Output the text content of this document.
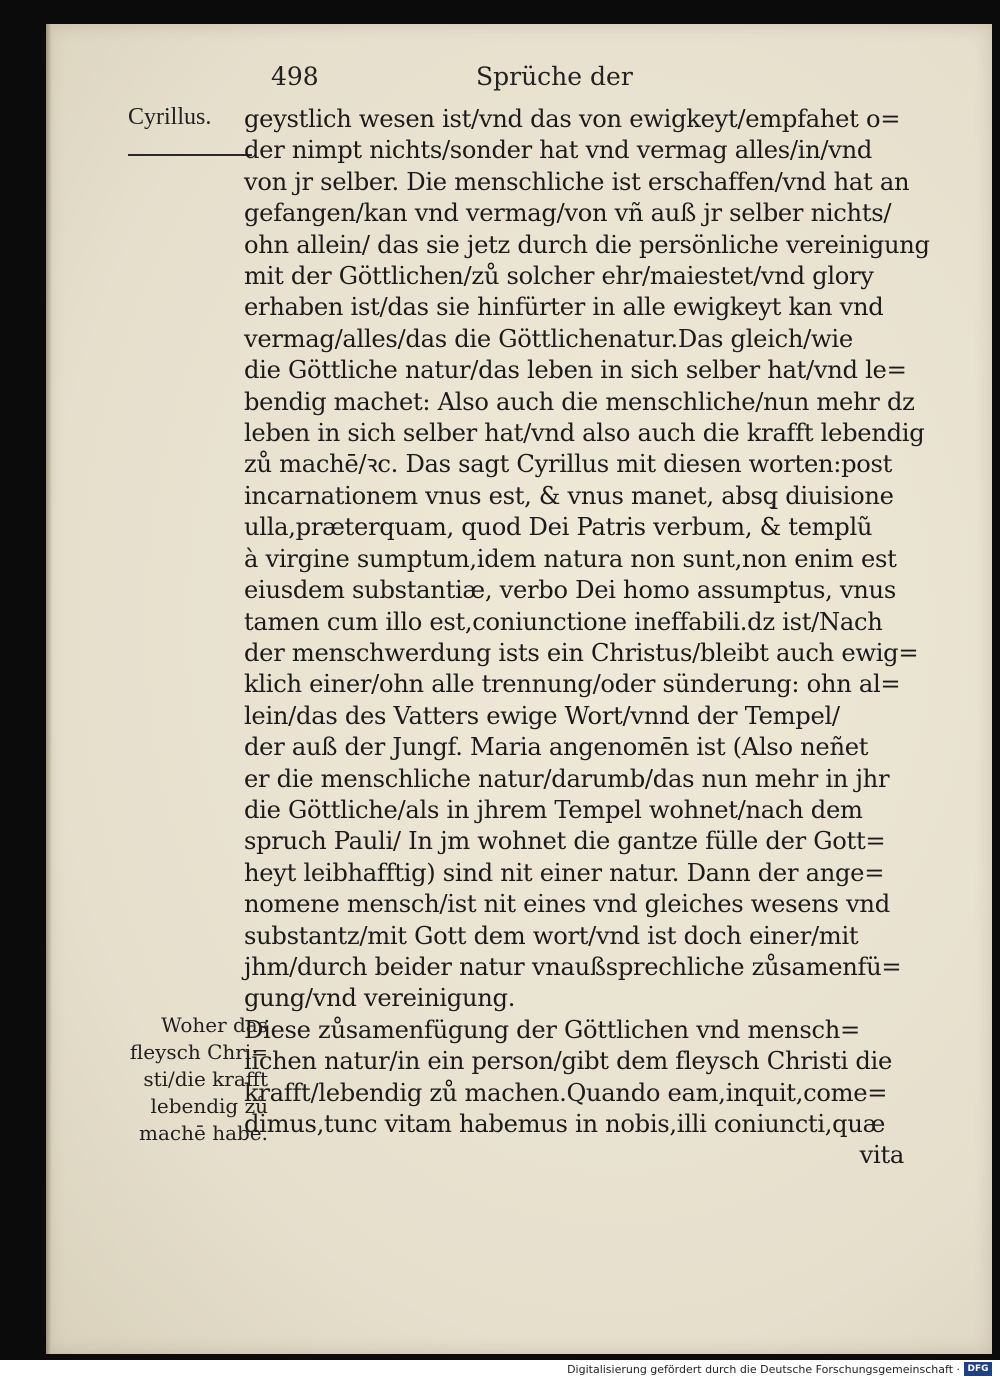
498	Sprüche der
Cyrillus. geystlich wesen ist/vnd das von ewigkeyt/empfahet o=
der nimpt nichts/sonder hat vnd vermag alles/in/vnd
von jr selber. Die menschliche ist erschaffen/vnd hat an
gefangen/kan vnd vermag/von vñ auß jr selber nichts/
ohn allein/ das sie jetz durch die persönliche vereinigung
mit der Göttlichen/zů solcher ehr/maiestet/vnd glory
erhaben ist/das sie hinfürter in alle ewigkeyt kan vnd
vermag/alles/das die Göttlichenatur.Das gleich/wie
die Göttliche natur/das leben in sich selber hat/vnd le=
bendig machet: Also auch die menschliche/nun mehr dz
leben in sich selber hat/vnd also auch die krafft lebendig
zů machē/ꝛc. Das sagt Cyrillus mit diesen worten:post
incarnationem vnus est, & vnus manet, absq̧ diuisione
ulla,præterquam, quod Dei Patris verbum, & templũ
à virgine sumptum,idem natura non sunt,non enim est
eiusdem substantiæ, verbo Dei homo assumptus, vnus
tamen cum illo est,coniunctione ineffabili.dz ist/Nach
der menschwerdung ists ein Christus/bleibt auch ewig=
klich einer/ohn alle trennung/oder sünderung: ohn al=
lein/das des Vatters ewige Wort/vnnd der Tempel/
der auß der Jungf. Maria angenomēn ist (Also neñet
er die menschliche natur/darumb/das nun mehr in jhr
die Göttliche/als in jhrem Tempel wohnet/nach dem
spruch Pauli/ In jm wohnet die gantze fülle der Gott=
heyt leibhafftig) sind nit einer natur. Dann der ange=
nomene mensch/ist nit eines vnd gleiches wesens vnd
substantz/mit Gott dem wort/vnd ist doch einer/mit
jhm/durch beider natur vnaußsprechliche zůsamenfü=
gung/vnd vereinigung.
Diese zůsamenfügung der Göttlichen vnd mensch=
lichen natur/in ein person/gibt dem fleysch Christi die
krafft/lebendig zů machen.Quando eam,inquit,come=
dimus,tunc vitam habemus in nobis,illi coniuncti,quæ
vita
Woher das
fleysch Chri=
sti/die krafft
lebendig zů
machē habe.
Digitalisierung gefördert durch die Deutsche Forschungsgemeinschaft · DFG
